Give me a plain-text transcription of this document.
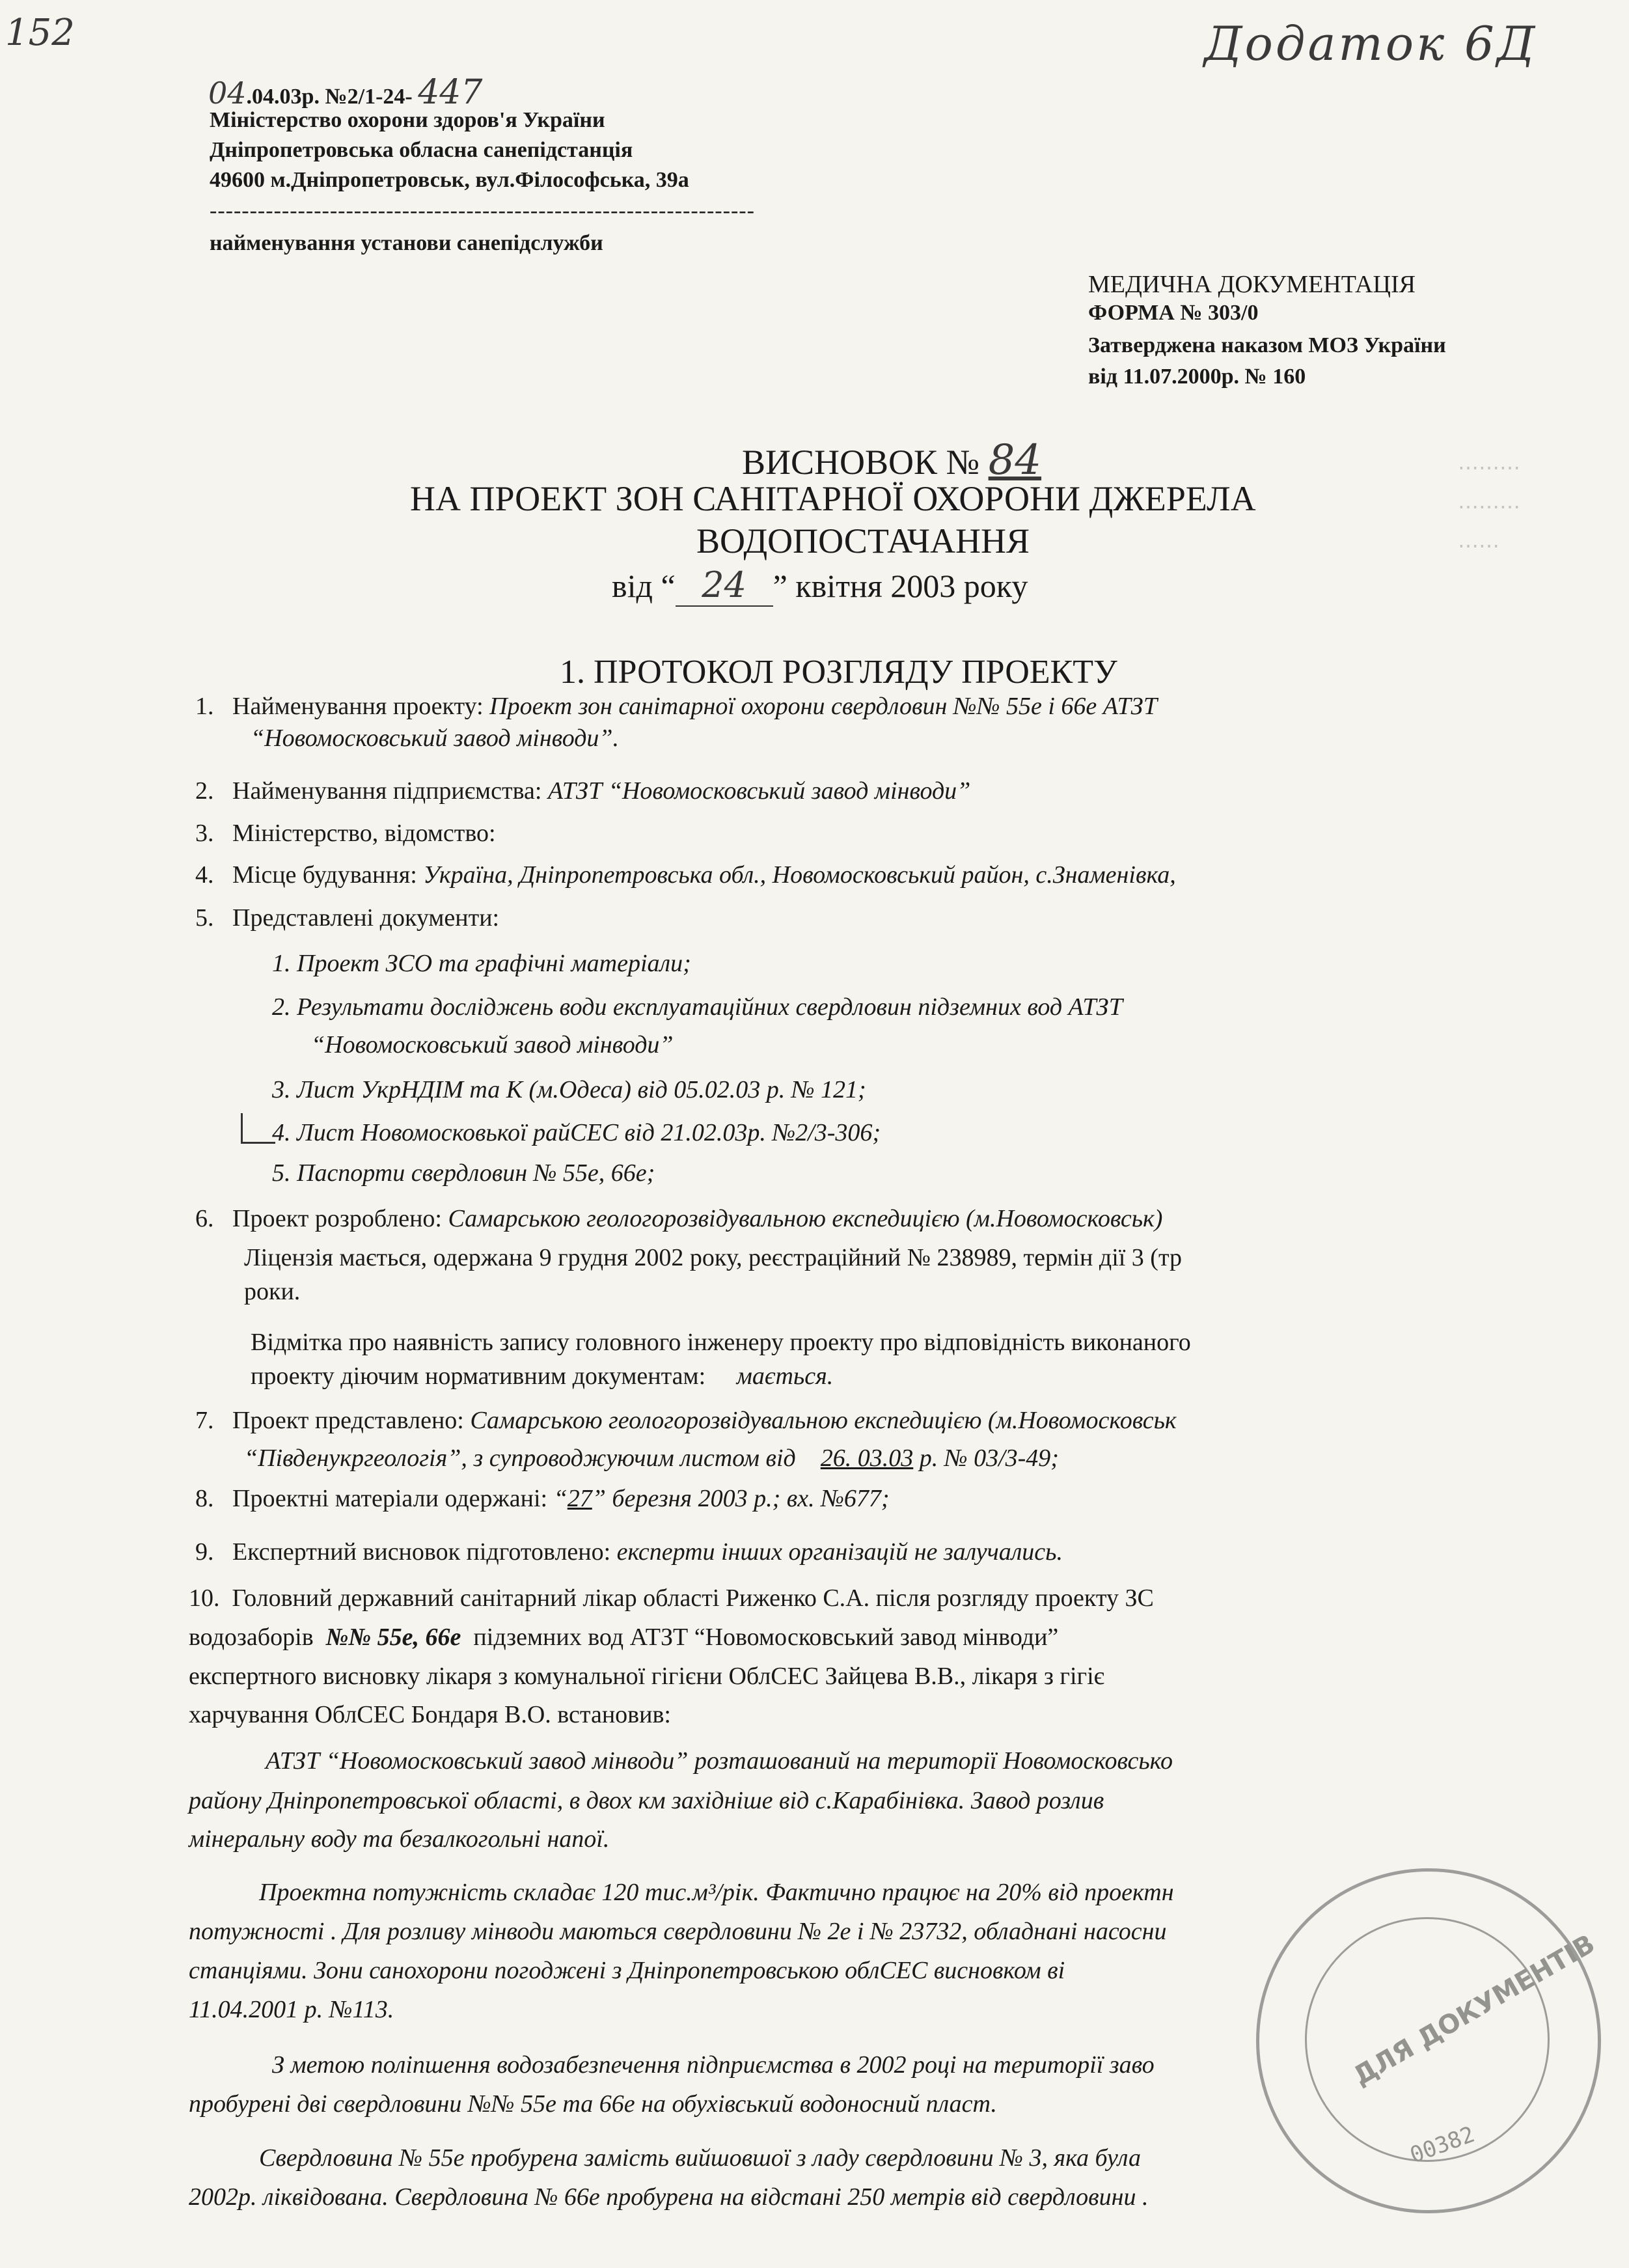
152	Додаток 6Д
04.04.03р. №2/1-24- 447
Міністерство охорони здоров'я України
Дніпропетровська обласна санепідстанція
49600 м.Дніпропетровськ, вул.Філософська, 39а
--------------------------------------------------------------------
найменування установи санепідслужби
МЕДИЧНА ДОКУМЕНТАЦІЯ
ФОРМА № 303/0
Затверджена наказом МОЗ України
від 11.07.2000р. № 160
………
………
……
ВИСНОВОК № 84
НА ПРОЕКТ ЗОН САНІТАРНОЇ ОХОРОНИ ДЖЕРЕЛА
ВОДОПОСТАЧАННЯ
від “ 24 ” квітня 2003 року
1. ПРОТОКОЛ РОЗГЛЯДУ ПРОЕКТУ
1. Найменування проекту: Проект зон санітарної охорони свердловин №№ 55е і 66е АТЗТ
“Новомосковський завод мінводи”.
2. Найменування підприємства: АТЗТ “Новомосковський завод мінводи”
3. Міністерство, відомство:
4. Місце будування: Україна, Дніпропетровська обл., Новомосковський район, с.Знаменівка,
5. Представлені документи:
1. Проект ЗСО та графічні матеріали;
2. Результати досліджень води експлуатаційних свердловин підземних вод АТЗТ
“Новомосковський завод мінводи”
3. Лист УкрНДІМ та К (м.Одеса) від 05.02.03 р. № 121;
4. Лист Новомосковької райСЕС від 21.02.03р. №2/3-306;
5. Паспорти свердловин № 55е, 66е;
6. Проект розроблено: Самарською геологорозвідувальною експедицією (м.Новомосковськ)
Ліцензія мається, одержана 9 грудня 2002 року, реєстраційний № 238989, термін дії 3 (тр
роки.
Відмітка про наявність запису головного інженеру проекту про відповідність виконаного
проекту діючим нормативним документам: мається.
7. Проект представлено: Самарською геологорозвідувальною експедицією (м.Новомосковськ
“Південукргеологія”, з супроводжуючим листом від 26. 03.03 р. № 03/3-49;
8. Проектні матеріали одержані: “27” березня 2003 р.; вх. №677;
9. Експертний висновок підготовлено: експерти інших організацій не залучались.
10. Головний державний санітарний лікар області Риженко С.А. після розгляду проекту ЗС
водозаборів №№ 55е, 66е підземних вод АТЗТ “Новомосковський завод мінводи”
експертного висновку лікаря з комунальної гігієни ОблСЕС Зайцева В.В., лікаря з гігіє
харчування ОблСЕС Бондаря В.О. встановив:
АТЗТ “Новомосковський завод мінводи” розташований на території Новомосковсько
району Дніпропетровської області, в двох км західніше від с.Карабінівка. Завод розлив
мінеральну воду та безалкогольні напої.
Проектна потужність складає 120 тис.м³/рік. Фактично працює на 20% від проектн
потужності . Для розливу мінводи маються свердловини № 2е і № 23732, обладнані насосни
станціями. Зони санохорони погоджені з Дніпропетровською облСЕС висновком ві
11.04.2001 р. №113.
З метою поліпшення водозабезпечення підприємства в 2002 році на території заво
пробурені дві свердловини №№ 55е та 66е на обухівський водоносний пласт.
Свердловина № 55е пробурена замість вийшовшої з ладу свердловини № 3, яка була
2002р. ліквідована. Свердловина № 66е пробурена на відстані 250 метрів від свердловини .
ДЛЯ ДОКУМЕНТІВ
00382
